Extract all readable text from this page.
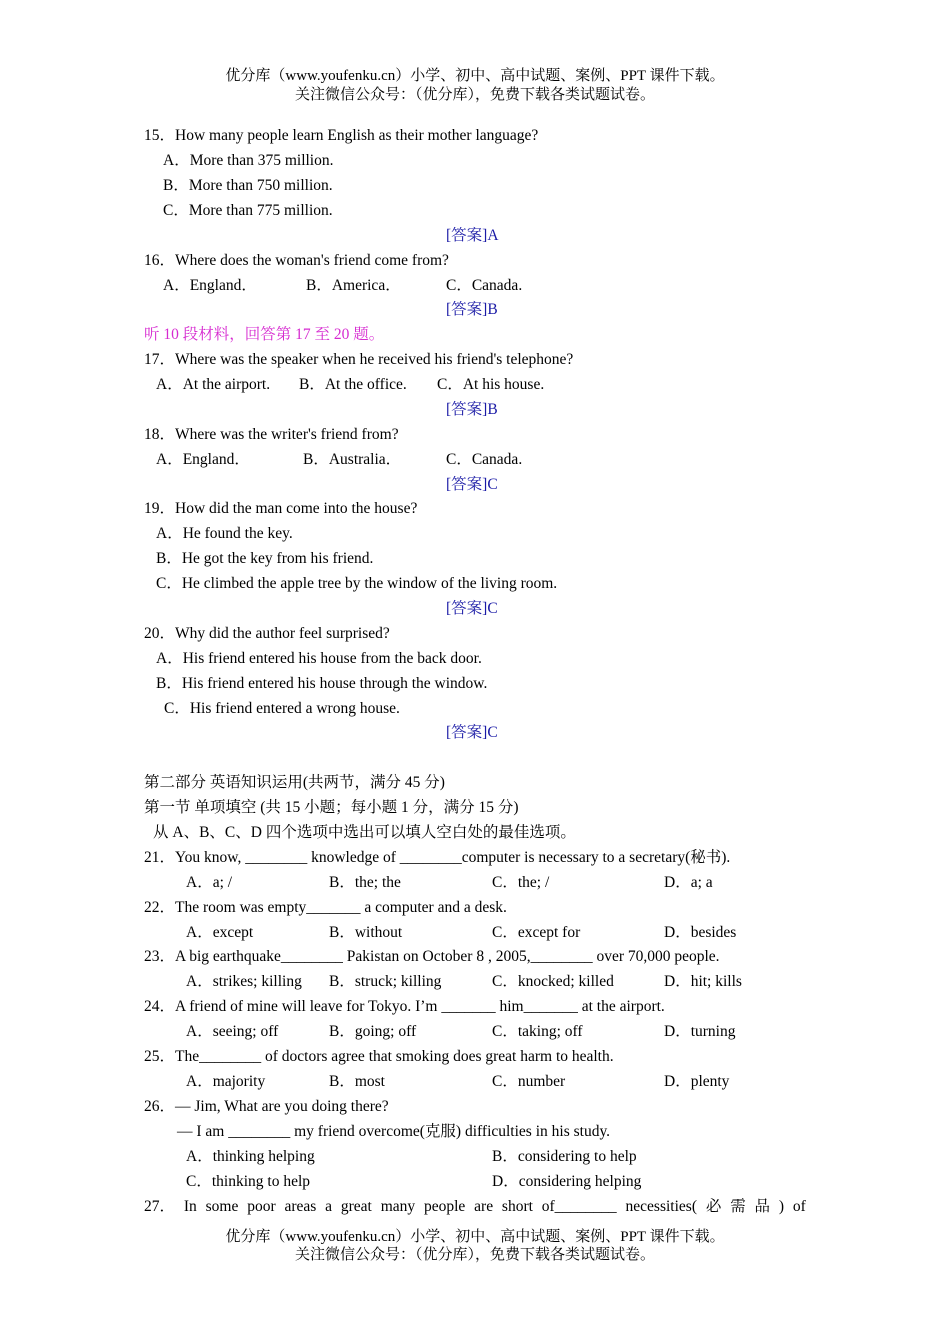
优分库（www.youfenku.cn）小学、初中、高中试题、案例、PPT 课件下载。
关注微信公众号：（优分库），免费下载各类试题试卷。
15．How many people learn English as their mother language?
A．More than 375 million.
B．More than 750 million.
C．More than 775 million.
[答案]A
16．Where does the woman's friend come from?
A．England．	B．America．	C．Canada.
[答案]B
听 10 段材料，回答第 17 至 20 题。
17．Where was the speaker when he received his friend's telephone?
A．At the airport. B．At the office. C．At his house.
[答案]B
18．Where was the writer's friend from?
A．England．	B．Australia．	C．Canada.
[答案]C
19．How did the man come into the house?
A．He found the key.
B．He got the key from his friend.
C．He climbed the apple tree by the window of the living room.
[答案]C
20．Why did the author feel surprised?
A．His friend entered his house from the back door.
B．His friend entered his house through the window.
C．His friend entered a wrong house.
[答案]C
第二部分 英语知识运用(共两节，满分 45 分)
第一节 单项填空 (共 15 小题；每小题 1 分，满分 15 分)
从 A、B、C、D 四个选项中选出可以填人空白处的最佳选项。
21．You know, ________ knowledge of ________computer is necessary to a secretary(秘书).
A．a; /	B．the; the	C．the; /	D．a; a
22．The room was empty_______ a computer and a desk.
A．except	B．without	C．except for	D．besides
23．A big earthquake________ Pakistan on October 8 , 2005,________ over 70,000 people.
A．strikes; killing B．struck; killing	C．knocked; killed	D．hit; kills
24．A friend of mine will leave for Tokyo. I’m _______ him_______ at the airport.
A．seeing; off	B．going; off	C．taking; off	D．turning
25．The________ of doctors agree that smoking does great harm to health.
A．majority	B．most	C．number	D．plenty
26．— Jim, What are you doing there?
— I am ________ my friend overcome(克服) difficulties in his study.
A．thinking helping	B．considering to help
C．thinking to help	D．considering helping
27． In some poor areas a great many people are short of________ necessities( 必 需 品 ) of
优分库（www.youfenku.cn）小学、初中、高中试题、案例、PPT 课件下载。
关注微信公众号：（优分库），免费下载各类试题试卷。
